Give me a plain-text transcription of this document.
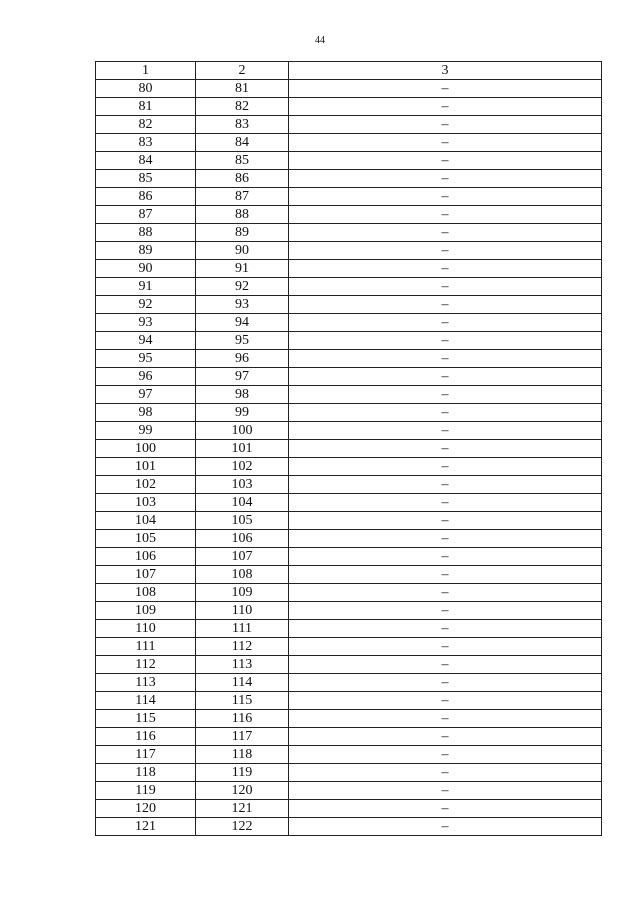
44
1	2	3
80	81	–
81	82	–
82	83	–
83	84	–
84	85	–
85	86	–
86	87	–
87	88	–
88	89	–
89	90	–
90	91	–
91	92	–
92	93	–
93	94	–
94	95	–
95	96	–
96	97	–
97	98	–
98	99	–
99	100	–
100	101	–
101	102	–
102	103	–
103	104	–
104	105	–
105	106	–
106	107	–
107	108	–
108	109	–
109	110	–
110	111	–
111	112	–
112	113	–
113	114	–
114	115	–
115	116	–
116	117	–
117	118	–
118	119	–
119	120	–
120	121	–
121	122	–
